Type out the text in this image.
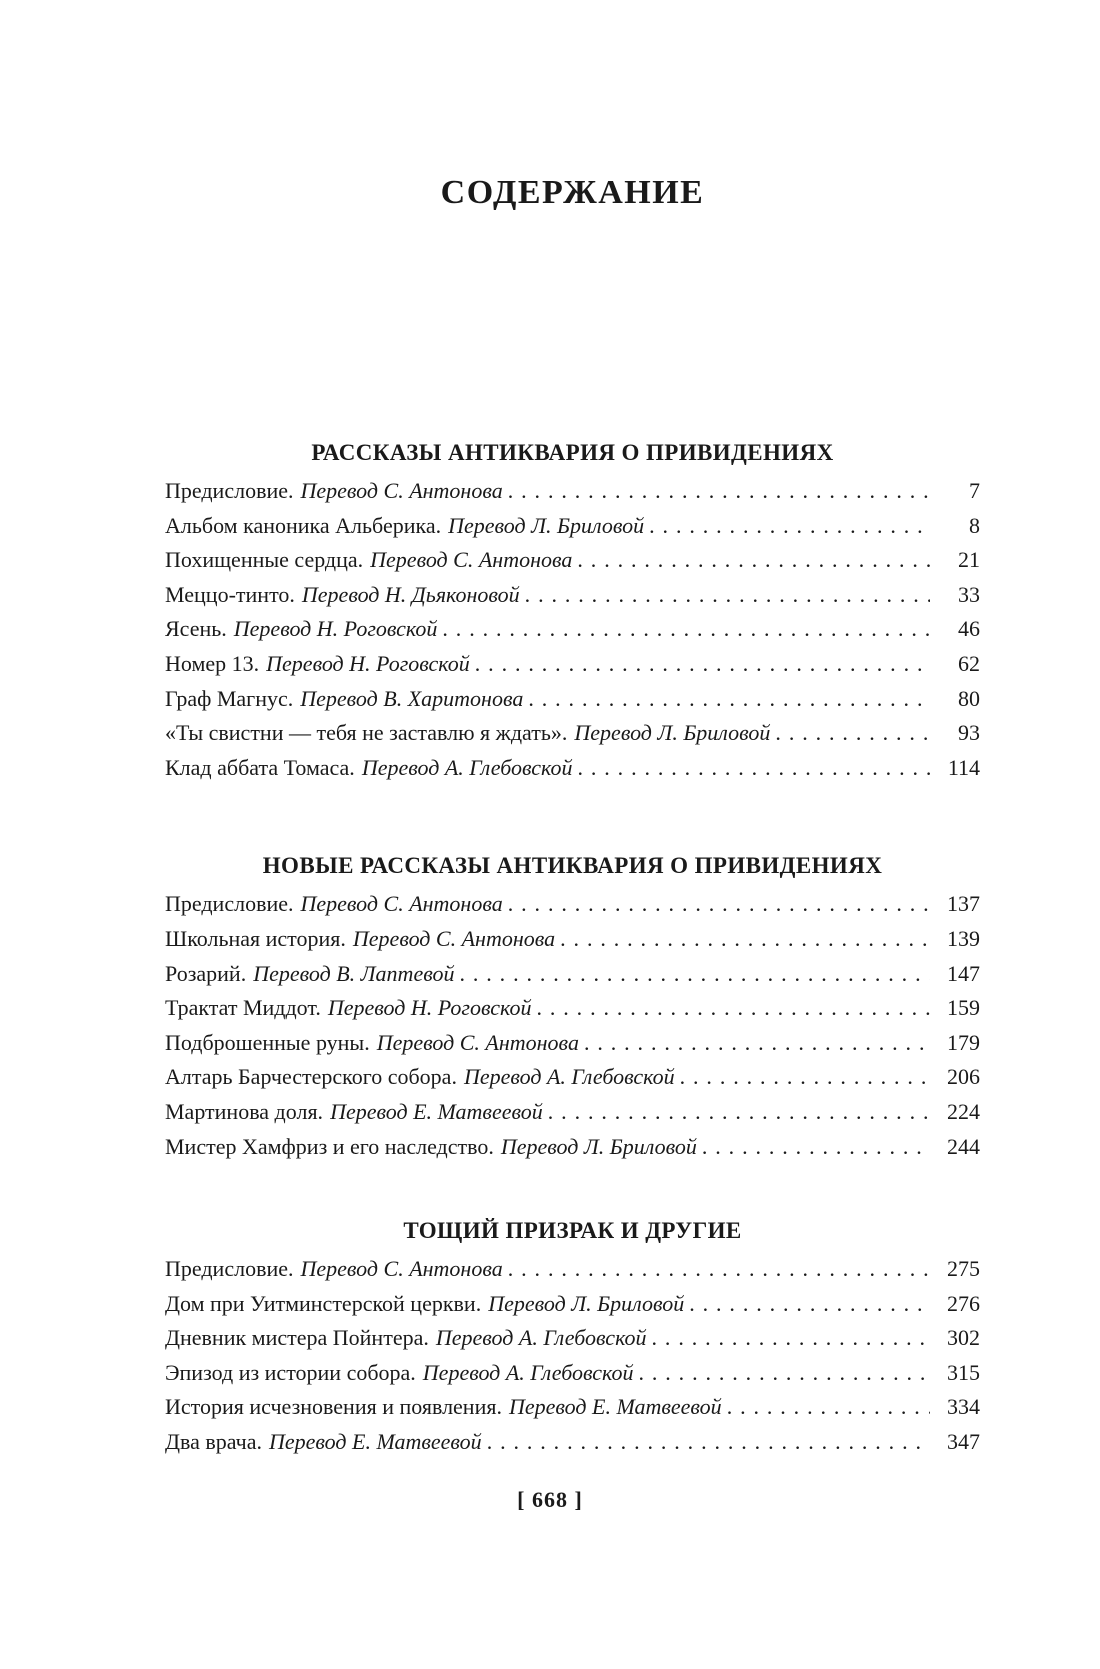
СОДЕРЖАНИЕ
РАССКАЗЫ АНТИКВАРИЯ О ПРИВИДЕНИЯХ
Предисловие. Перевод С. Антонова . . .	7
Альбом каноника Альберика. Перевод Л. Бриловой . . .	8
Похищенные сердца. Перевод С. Антонова . . .	21
Меццо-тинто. Перевод Н. Дьяконовой . . .	33
Ясень. Перевод Н. Роговской . . .	46
Номер 13. Перевод Н. Роговской . . .	62
Граф Магнус. Перевод В. Харитонова . . .	80
«Ты свистни — тебя не заставлю я ждать». Перевод Л. Бриловой . . .	93
Клад аббата Томаса. Перевод А. Глебовской . . .	114
НОВЫЕ РАССКАЗЫ АНТИКВАРИЯ О ПРИВИДЕНИЯХ
Предисловие. Перевод С. Антонова . . .	137
Школьная история. Перевод С. Антонова . . .	139
Розарий. Перевод В. Лаптевой . . .	147
Трактат Миддот. Перевод Н. Роговской . . .	159
Подброшенные руны. Перевод С. Антонова . . .	179
Алтарь Барчестерского собора. Перевод А. Глебовской . . .	206
Мартинова доля. Перевод Е. Матвеевой . . .	224
Мистер Хамфриз и его наследство. Перевод Л. Бриловой . . .	244
ТОЩИЙ ПРИЗРАК И ДРУГИЕ
Предисловие. Перевод С. Антонова . . .	275
Дом при Уитминстерской церкви. Перевод Л. Бриловой . . .	276
Дневник мистера Пойнтера. Перевод А. Глебовской . . .	302
Эпизод из истории собора. Перевод А. Глебовской . . .	315
История исчезновения и появления. Перевод Е. Матвеевой . . .	334
Два врача. Перевод Е. Матвеевой . . .	347
[ 668 ]
